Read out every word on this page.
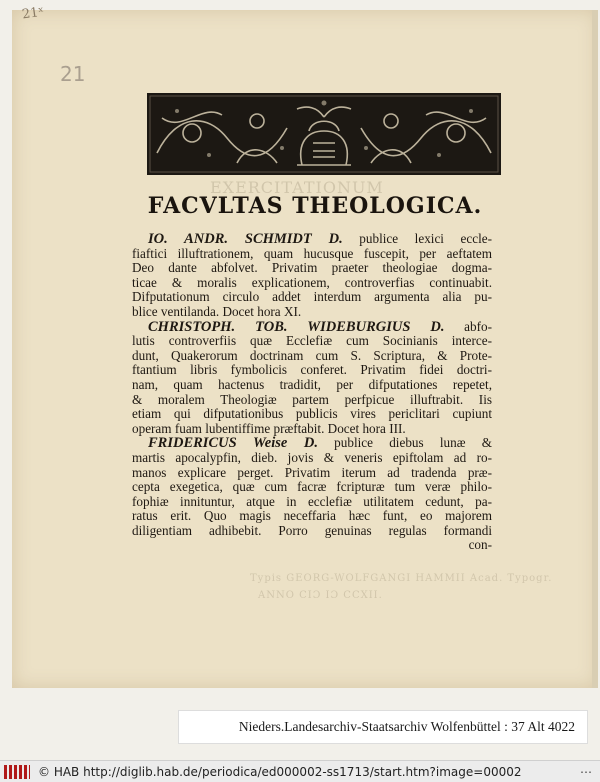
21ˣ
21
EXERCITATIONUM
Typis GEORG-WOLFGANGI HAMMII Acad. Typogr.
ANNO CIƆ IƆ CCXII.
FACVLTAS THEOLOGICA.
IO. ANDR. SCHMIDT D. publice lexici eccle-
fiaftici illuftrationem, quam hucusque fuscepit, per aeftatem
Deo dante abfolvet. Privatim praeter theologiae dogma-
ticae & moralis explicationem, controverfias continuabit.
Difputationum circulo addet interdum argumenta alia pu-
blice ventilanda. Docet hora XI.
CHRISTOPH. TOB. WIDEBURGIUS D. abfo-
lutis controverfiis quæ Ecclefiæ cum Socinianis interce-
dunt, Quakerorum doctrinam cum S. Scriptura, & Prote-
ftantium libris fymbolicis conferet. Privatim fidei doctri-
nam, quam hactenus tradidit, per difputationes repetet,
& moralem Theologiæ partem perfpicue illuftrabit. Iis
etiam qui difputationibus publicis vires periclitari cupiunt
operam fuam lubentiffime præftabit. Docet hora III.
FRIDERICUS Weise D. publice diebus lunæ &
martis apocalypfin, dieb. jovis & veneris epiftolam ad ro-
manos explicare perget. Privatim iterum ad tradenda præ-
cepta exegetica, quæ cum facræ fcripturæ tum veræ philo-
fophiæ innituntur, atque in ecclefiæ utilitatem cedunt, pa-
ratus erit. Quo magis neceffaria hæc funt, eo majorem
diligentiam adhibebit. Porro genuinas regulas formandi
con-
Nieders.Landesarchiv-Staatsarchiv Wolfenbüttel : 37 Alt 4022
© HAB http://diglib.hab.de/periodica/ed000002-ss1713/start.htm?image=00002	⋯
